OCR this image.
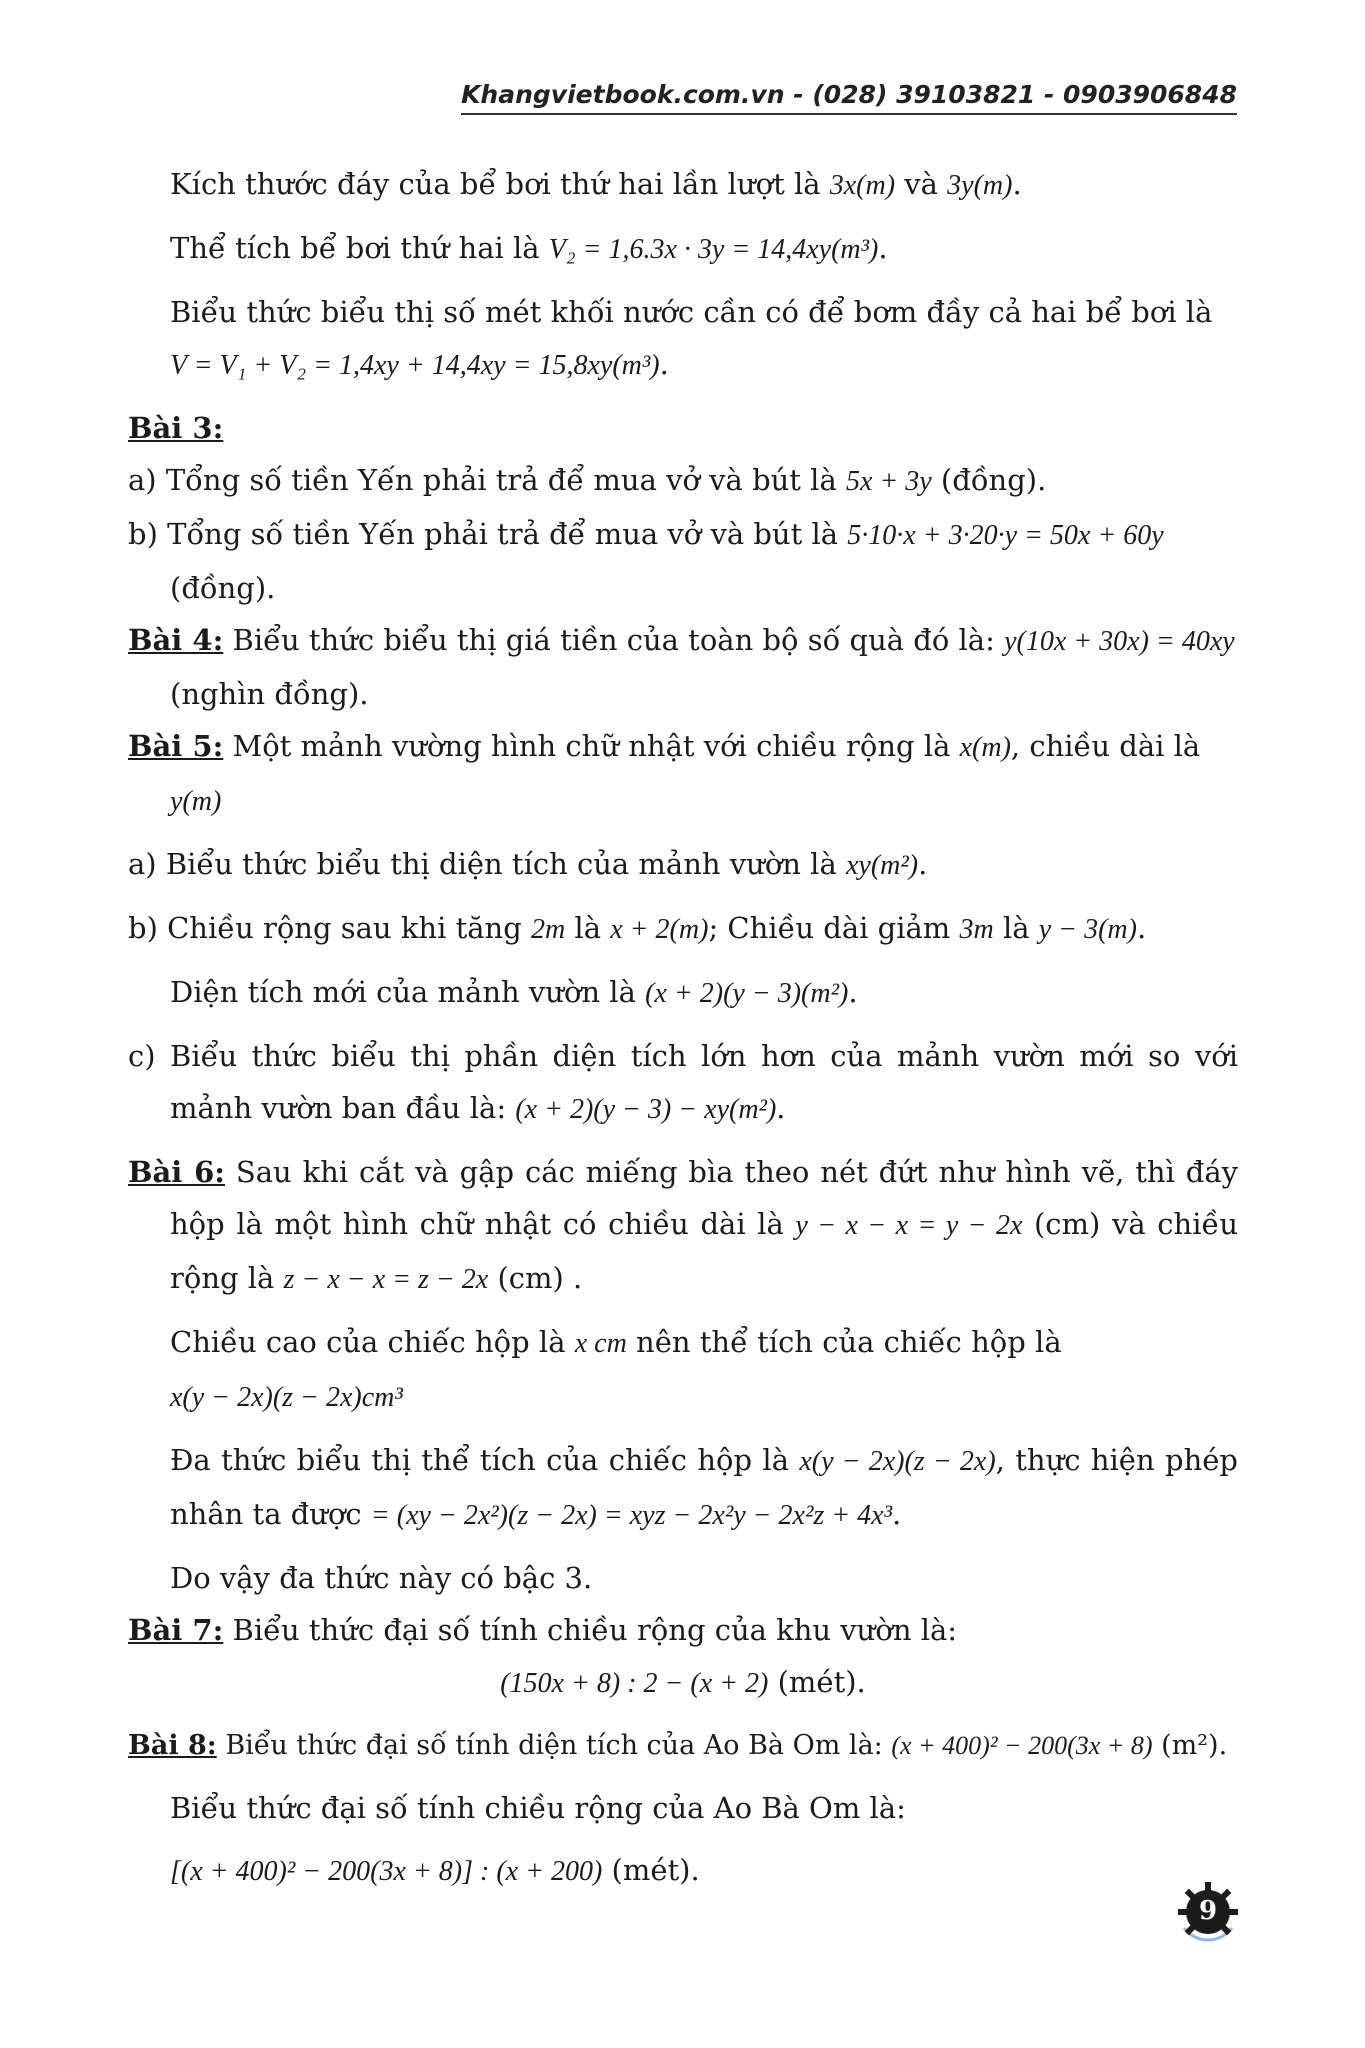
Khangvietbook.com.vn - (028) 39103821 - 0903906848

Kích thước đáy của bể bơi thứ hai lần lượt là 3x(m) và 3y(m).

Thể tích bể bơi thứ hai là V₂ = 1,6.3x · 3y = 14,4xy(m³).

Biểu thức biểu thị số mét khối nước cần có để bơm đầy cả hai bể bơi là

V = V₁ + V₂ = 1,4xy + 14,4xy = 15,8xy(m³).

Bài 3:

a) Tổng số tiền Yến phải trả để mua vở và bút là 5x + 3y (đồng).

b) Tổng số tiền Yến phải trả để mua vở và bút là 5·10·x + 3·20·y = 50x + 60y

(đồng).

Bài 4: Biểu thức biểu thị giá tiền của toàn bộ số quà đó là: y(10x + 30x) = 40xy

(nghìn đồng).

Bài 5: Một mảnh vường hình chữ nhật với chiều rộng là x(m), chiều dài là

y(m)

a) Biểu thức biểu thị diện tích của mảnh vườn là xy(m²).

b) Chiều rộng sau khi tăng 2m là x + 2(m); Chiều dài giảm 3m là y − 3(m).

Diện tích mới của mảnh vườn là (x + 2)(y − 3)(m²).

c) Biểu thức biểu thị phần diện tích lớn hơn của mảnh vườn mới so với mảnh vườn ban đầu là: (x + 2)(y − 3) − xy(m²).

Bài 6: Sau khi cắt và gập các miếng bìa theo nét đứt như hình vẽ, thì đáy hộp là một hình chữ nhật có chiều dài là y − x − x = y − 2x (cm) và chiều rộng là z − x − x = z − 2x (cm) .

Chiều cao của chiếc hộp là x cm nên thể tích của chiếc hộp là
x(y − 2x)(z − 2x)cm³

Đa thức biểu thị thể tích của chiếc hộp là x(y − 2x)(z − 2x), thực hiện phép nhân ta được = (xy − 2x²)(z − 2x) = xyz − 2x²y − 2x²z + 4x³.

Do vậy đa thức này có bậc 3.

Bài 7: Biểu thức đại số tính chiều rộng của khu vườn là:

(150x + 8) : 2 − (x + 2) (mét).

Bài 8: Biểu thức đại số tính diện tích của Ao Bà Om là: (x + 400)² − 200(3x + 8) (m²).

Biểu thức đại số tính chiều rộng của Ao Bà Om là:

[(x + 400)² − 200(3x + 8)] : (x + 200) (mét).

9
